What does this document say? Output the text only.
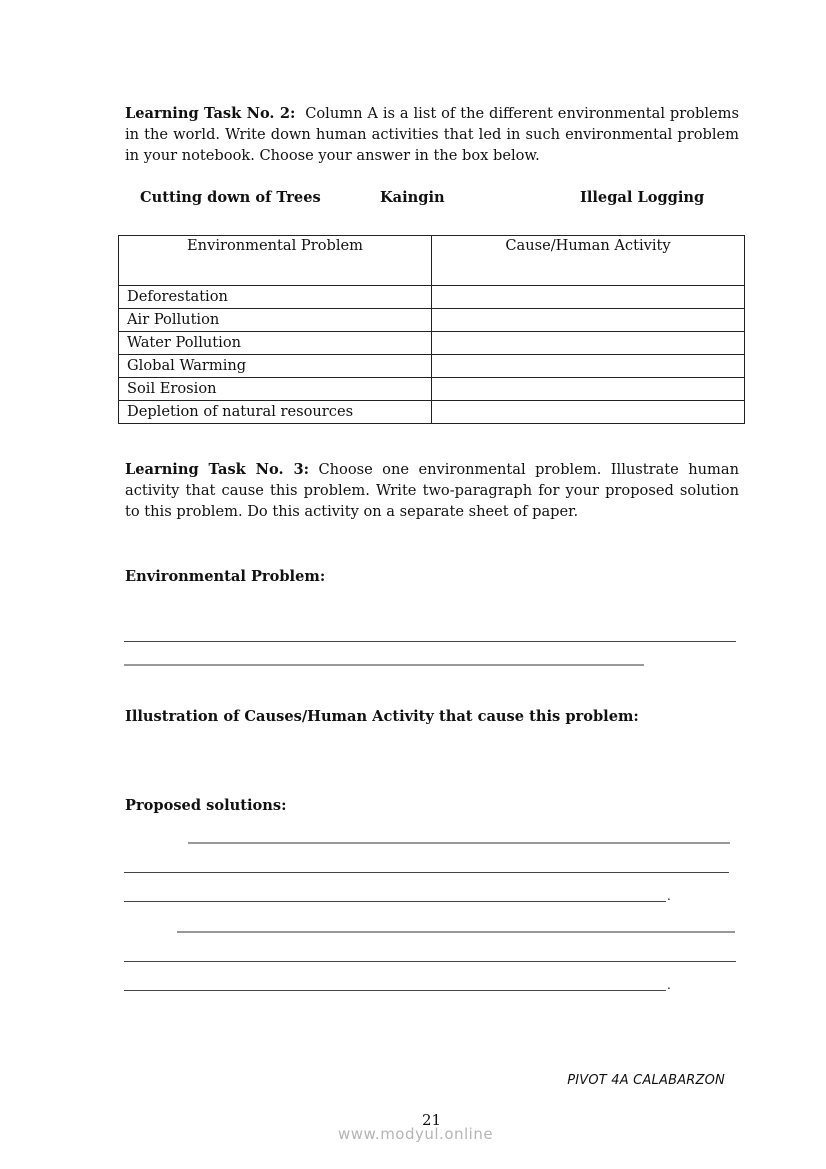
Learning Task No. 2: Column A is a list of the different environmental problems in the world. Write down human activities that led in such environmental problem in your notebook. Choose your answer in the box below.
Cutting down of Trees	Kaingin	Illegal Logging
Environmental Problem	Cause/Human Activity
Deforestation	
Air Pollution	
Water Pollution	
Global Warming	
Soil Erosion	
Depletion of natural resources	
Learning Task No. 3: Choose one environmental problem. Illustrate human activity that cause this problem. Write two-paragraph for your proposed solution to this problem. Do this activity on a separate sheet of paper.
Environmental Problem:
Illustration of Causes/Human Activity that cause this problem:
Proposed solutions:
.
.
PIVOT 4A CALABARZON
21
www.modyul.online
